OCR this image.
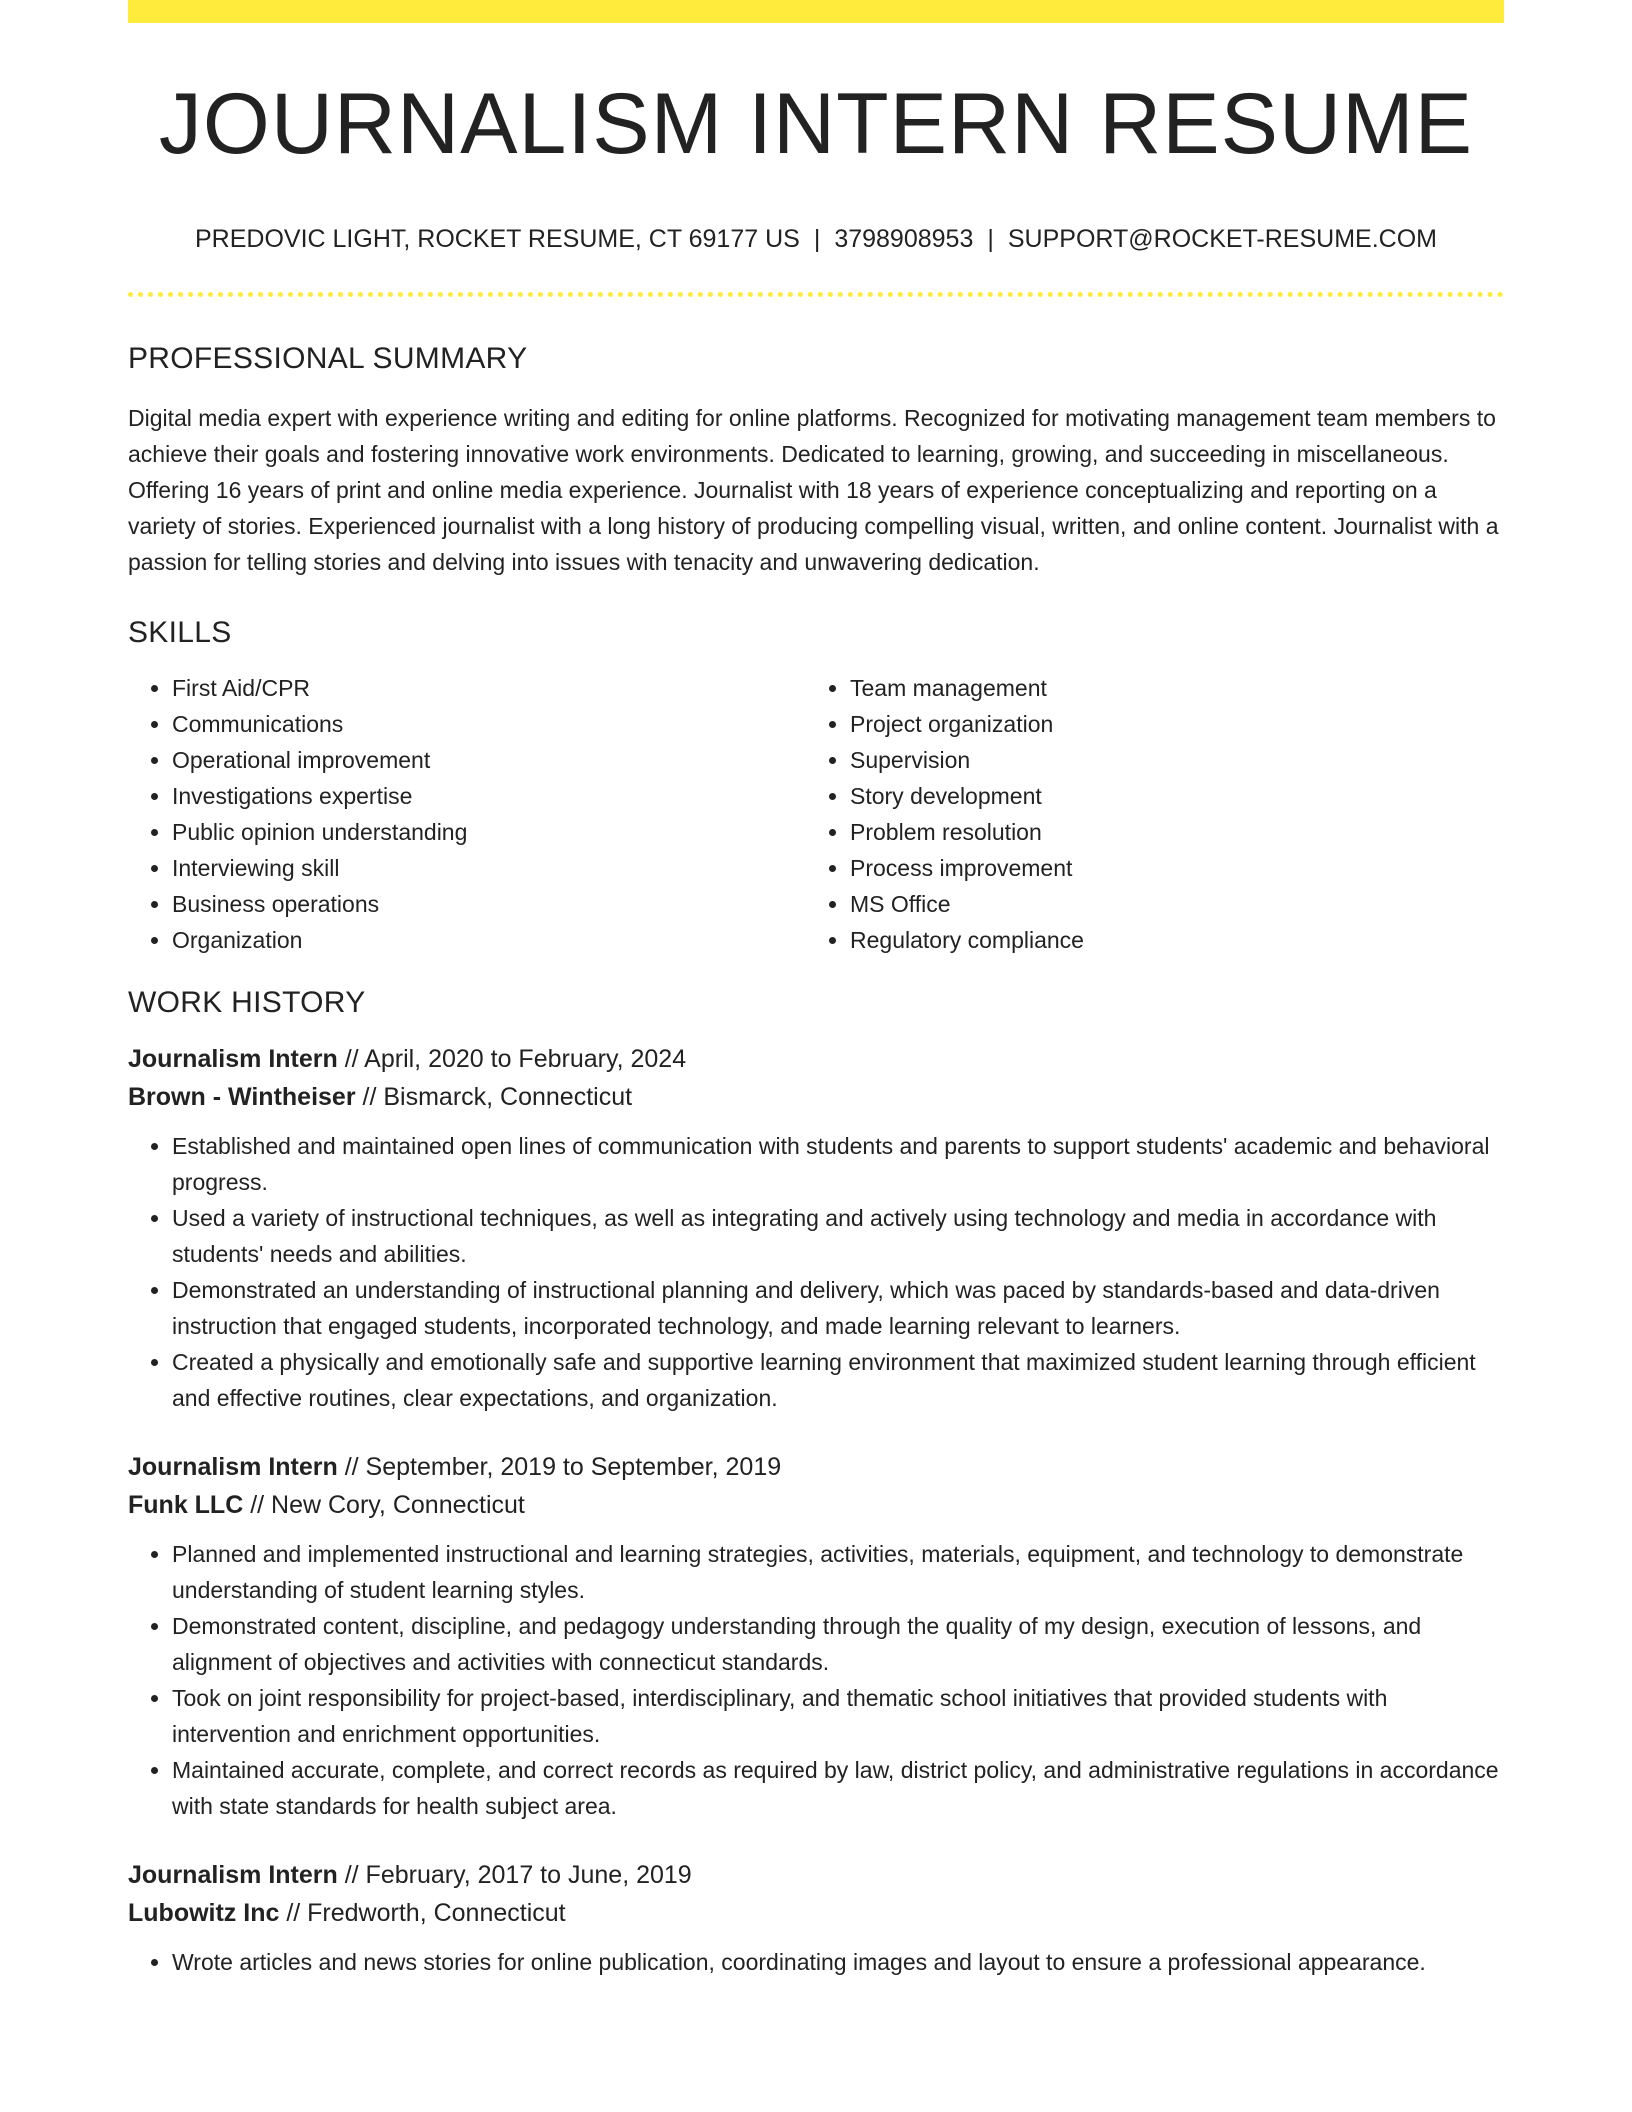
JOURNALISM INTERN RESUME
PREDOVIC LIGHT, ROCKET RESUME, CT 69177 US | 3798908953 | SUPPORT@ROCKET-RESUME.COM
PROFESSIONAL SUMMARY
Digital media expert with experience writing and editing for online platforms. Recognized for motivating management team members to achieve their goals and fostering innovative work environments. Dedicated to learning, growing, and succeeding in miscellaneous. Offering 16 years of print and online media experience. Journalist with 18 years of experience conceptualizing and reporting on a variety of stories. Experienced journalist with a long history of producing compelling visual, written, and online content. Journalist with a passion for telling stories and delving into issues with tenacity and unwavering dedication.
SKILLS
• First Aid/CPR
• Communications
• Operational improvement
• Investigations expertise
• Public opinion understanding
• Interviewing skill
• Business operations
• Organization
• Team management
• Project organization
• Supervision
• Story development
• Problem resolution
• Process improvement
• MS Office
• Regulatory compliance
WORK HISTORY
Journalism Intern // April, 2020 to February, 2024
Brown - Wintheiser // Bismarck, Connecticut
• Established and maintained open lines of communication with students and parents to support students' academic and behavioral progress.
• Used a variety of instructional techniques, as well as integrating and actively using technology and media in accordance with students' needs and abilities.
• Demonstrated an understanding of instructional planning and delivery, which was paced by standards-based and data-driven instruction that engaged students, incorporated technology, and made learning relevant to learners.
• Created a physically and emotionally safe and supportive learning environment that maximized student learning through efficient and effective routines, clear expectations, and organization.
Journalism Intern // September, 2019 to September, 2019
Funk LLC // New Cory, Connecticut
• Planned and implemented instructional and learning strategies, activities, materials, equipment, and technology to demonstrate understanding of student learning styles.
• Demonstrated content, discipline, and pedagogy understanding through the quality of my design, execution of lessons, and alignment of objectives and activities with connecticut standards.
• Took on joint responsibility for project-based, interdisciplinary, and thematic school initiatives that provided students with intervention and enrichment opportunities.
• Maintained accurate, complete, and correct records as required by law, district policy, and administrative regulations in accordance with state standards for health subject area.
Journalism Intern // February, 2017 to June, 2019
Lubowitz Inc // Fredworth, Connecticut
• Wrote articles and news stories for online publication, coordinating images and layout to ensure a professional appearance.
